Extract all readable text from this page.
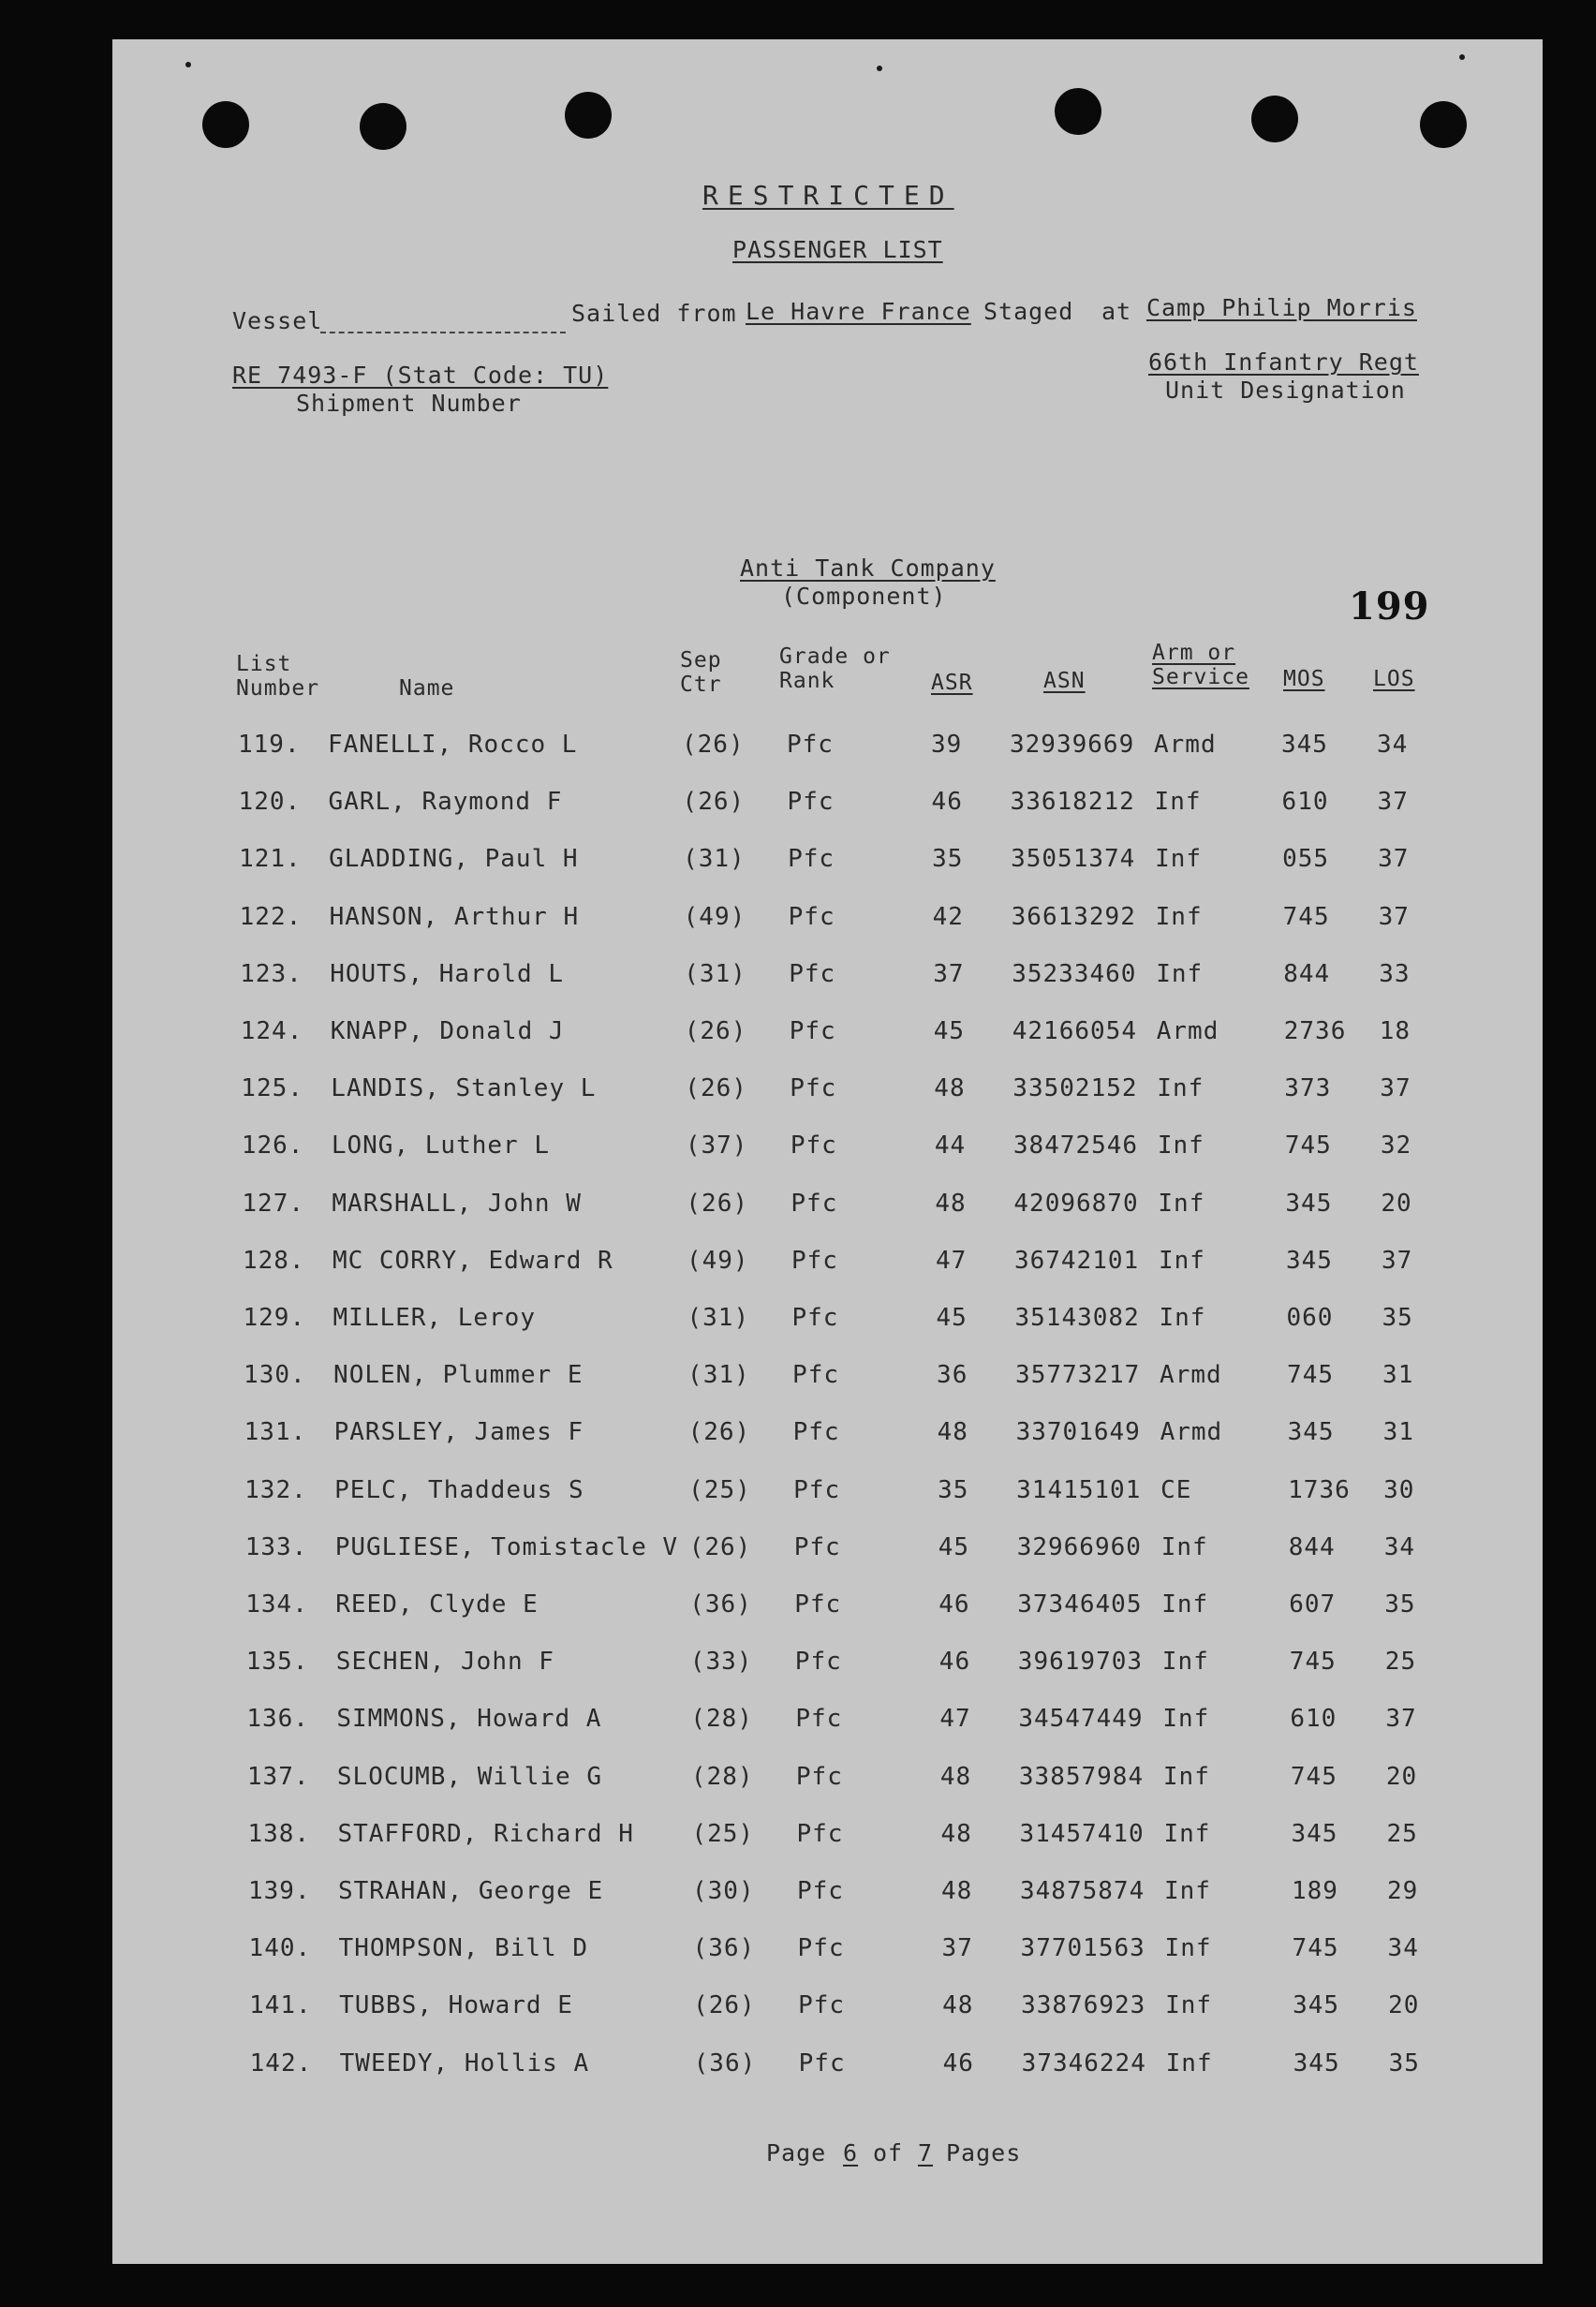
RESTRICTED
PASSENGER LIST
Vessel	Sailed from Le Havre France Staged at Camp Philip Morris
RE 7493-F (Stat Code: TU)
Shipment Number
66th Infantry Regt
Unit Designation
Anti Tank Company
(Component)	199
List
Number	Name
Sep
Ctr
Grade or
Rank	ASR	ASN
Arm or
Service MOS LOS
119. FANELLI, Rocco L	(26) Pfc	39 32939669 Armd	345 34
120. GARL, Raymond F	(26) Pfc	46 33618212 Inf	610 37
121. GLADDING, Paul H	(31) Pfc	35 35051374 Inf	055 37
122. HANSON, Arthur H	(49) Pfc	42 36613292 Inf	745 37
123. HOUTS, Harold L	(31) Pfc	37 35233460 Inf	844 33
124. KNAPP, Donald J	(26) Pfc	45 42166054 Armd	2736 18
125. LANDIS, Stanley L	(26) Pfc	48 33502152 Inf	373 37
126. LONG, Luther L	(37) Pfc	44 38472546 Inf	745 32
127. MARSHALL, John W	(26) Pfc	48 42096870 Inf	345 20
128. MC CORRY, Edward R	(49) Pfc	47 36742101 Inf	345 37
129. MILLER, Leroy	(31) Pfc	45 35143082 Inf	060 35
130. NOLEN, Plummer E	(31) Pfc	36 35773217 Armd	745 31
131. PARSLEY, James F	(26) Pfc	48 33701649 Armd	345 31
132. PELC, Thaddeus S	(25) Pfc	35 31415101 CE	1736 30
133. PUGLIESE, Tomistacle V (26) Pfc	45 32966960 Inf	844 34
134. REED, Clyde E	(36) Pfc	46 37346405 Inf	607 35
135. SECHEN, John F	(33) Pfc	46 39619703 Inf	745 25
136. SIMMONS, Howard A	(28) Pfc	47 34547449 Inf	610 37
137. SLOCUMB, Willie G	(28) Pfc	48 33857984 Inf	745 20
138. STAFFORD, Richard H (25) Pfc	48 31457410 Inf	345 25
139. STRAHAN, George E	(30) Pfc	48 34875874 Inf	189 29
140. THOMPSON, Bill D	(36) Pfc	37 37701563 Inf	745 34
141. TUBBS, Howard E	(26) Pfc	48 33876923 Inf	345 20
142. TWEEDY, Hollis A	(36) Pfc	46 37346224 Inf	345 35
Page 6 of 7 Pages
